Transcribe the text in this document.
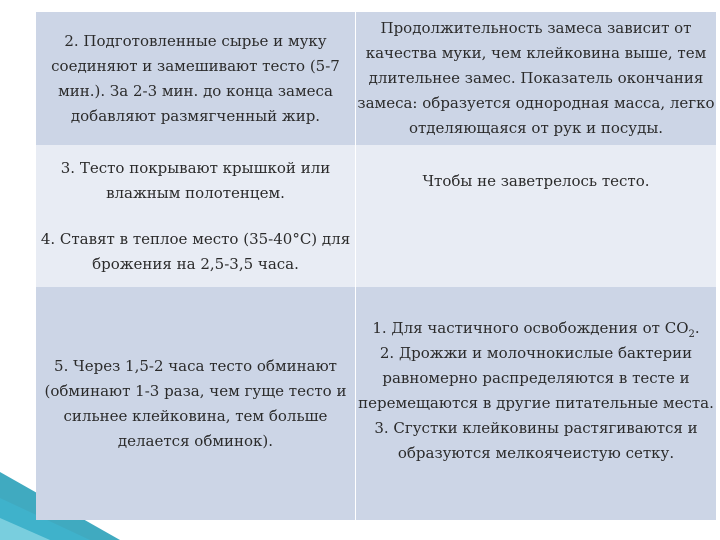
2. Подготовленные сырье и муку
соединяют и замешивают тесто (5-7
мин.). За 2-3 мин. до конца замеса
добавляют размягченный жир.
Продолжительность замеса зависит от
качества муки, чем клейковина выше, тем
длительнее замес. Показатель окончания
замеса: образуется однородная масса, легко
отделяющаяся от рук и посуды.
3. Тесто покрывают крышкой или
влажным полотенцем.
Чтобы не заветрелось тесто.
4. Ставят в теплое место (35-40°С) для
брожения на 2,5-3,5 часа.
5. Через 1,5-2 часа тесто обминают
(обминают 1-3 раза, чем гуще тесто и
сильнее клейковина, тем больше
делается обминок).
1. Для частичного освобождения от $СО_2$.

2. Дрожжи и молочнокислые бактерии
равномерно распределяются в тесте и
перемещаются в другие питательные места.
3. Сгустки клейковины растягиваются и
образуются мелкоячеистую сетку.
